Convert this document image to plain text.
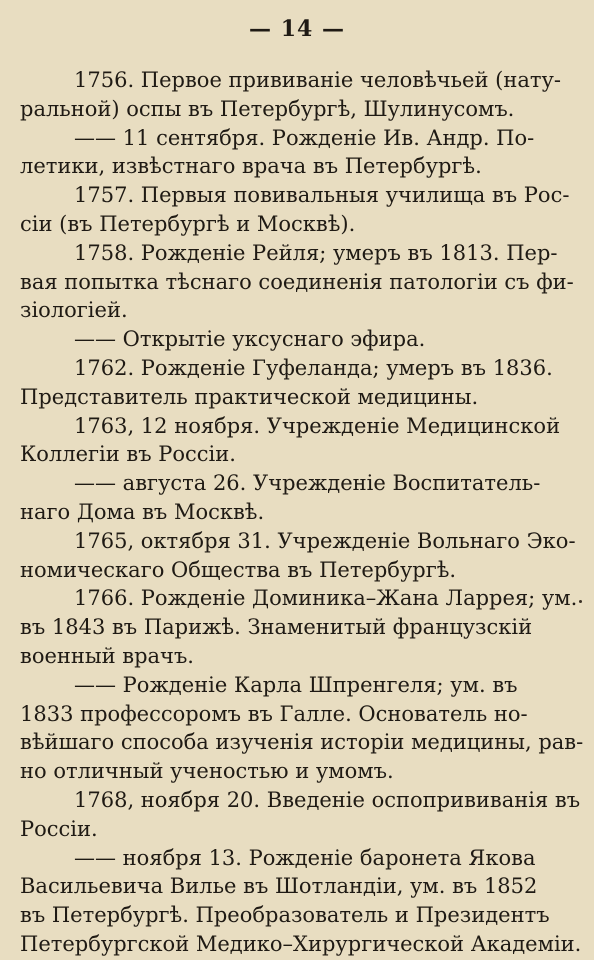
— 14 —
1756. Первое прививаніе человѣчьей (нату-
ральной) оспы въ Петербургѣ, Шулинусомъ.
—— 11 сентября. Рожденіе Ив. Андр. По-
летики, извѣстнаго врача въ Петербургѣ.
1757. Первыя повивальныя училища въ Рос-
сіи (въ Петербургѣ и Москвѣ).
1758. Рожденіе Рейля; умеръ въ 1813. Пер-
вая попытка тѣснаго соединенія патологіи съ фи-
зіологіей.
—— Открытіе уксуснаго эфира.
1762. Рожденіе Гуфеланда; умеръ въ 1836.
Представитель практической медицины.
1763, 12 ноября. Учрежденіе Медицинской
Коллегіи въ Россіи.
—— августа 26. Учрежденіе Воспитатель-
наго Дома въ Москвѣ.
1765, октября 31. Учрежденіе Вольнаго Эко-
номическаго Общества въ Петербургѣ.
1766. Рожденіе Доминика–Жана Ларрея; ум.
въ 1843 въ Парижѣ. Знаменитый французскій
военный врачъ.
—— Рожденіе Карла Шпренгеля; ум. въ
1833 профессоромъ въ Галле. Основатель но-
вѣйшаго способа изученія исторіи медицины, рав-
но отличный ученостью и умомъ.
1768, ноября 20. Введеніе оспопрививанія въ
Россіи.
—— ноября 13. Рожденіе баронета Якова
Васильевича Вилье въ Шотландіи, ум. въ 1852
въ Петербургѣ. Преобразователь и Президентъ
Петербургской Медико–Хирургической Академіи.
